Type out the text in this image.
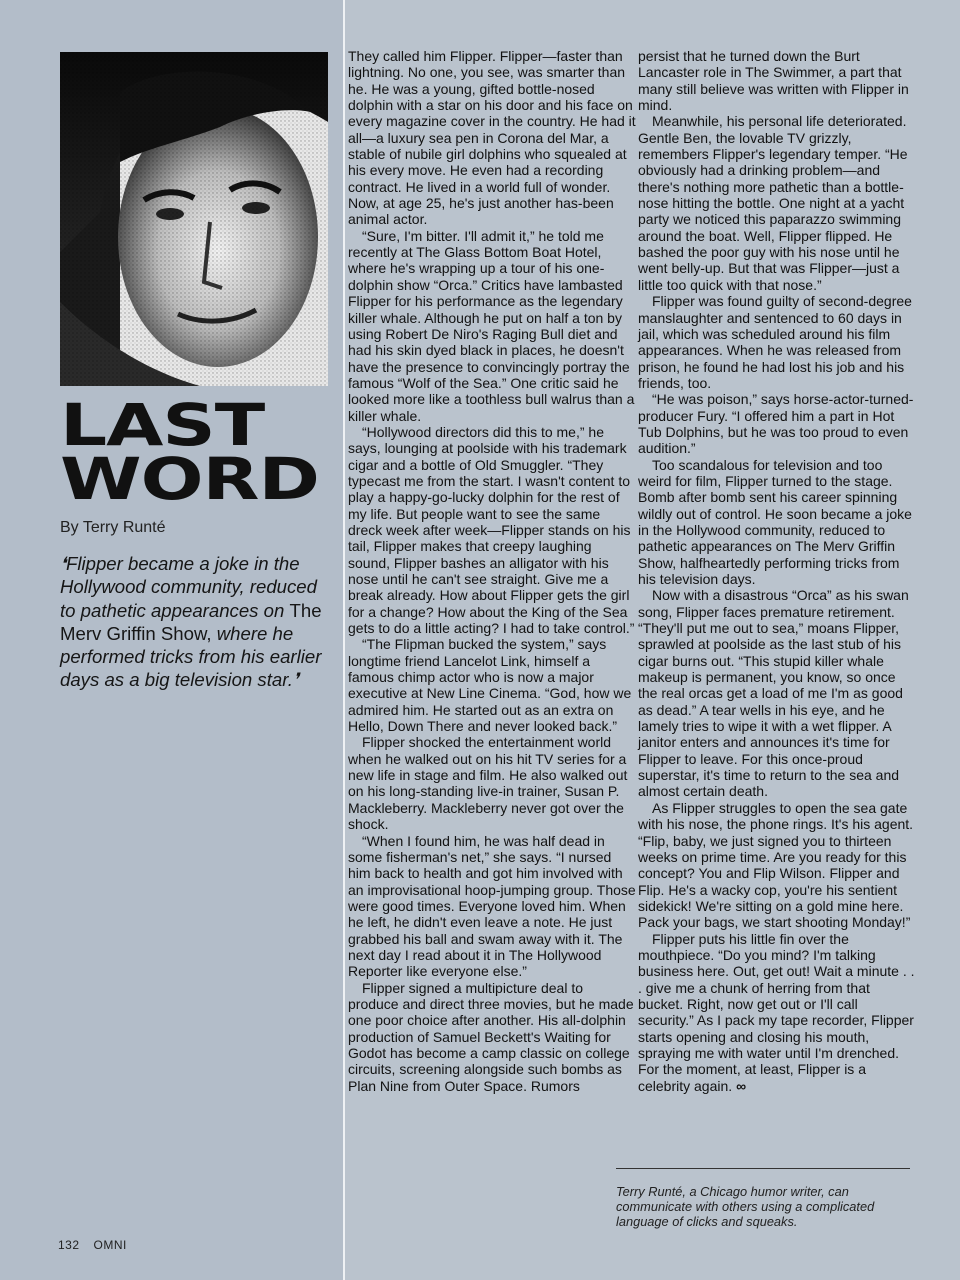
LAST
WORD
By Terry Runté
❛Flipper became a joke in the Hollywood community, reduced to pathetic appearances on The Merv Griffin Show, where he performed tricks from his earlier days as a big television star.❜

They called him Flipper. Flipper—faster than lightning. No one, you see, was smarter than he. He was a young, gifted bottle-nosed dolphin with a star on his door and his face on every magazine cover in the country. He had it all—a luxury sea pen in Corona del Mar, a stable of nubile girl dolphins who squealed at his every move. He even had a recording contract. He lived in a world full of wonder. Now, at age 25, he's just another has-been animal actor.

“Sure, I'm bitter. I'll admit it,” he told me recently at The Glass Bottom Boat Hotel, where he's wrapping up a tour of his one-dolphin show “Orca.” Critics have lambasted Flipper for his performance as the legendary killer whale. Although he put on half a ton by using Robert De Niro's Raging Bull diet and had his skin dyed black in places, he doesn't have the presence to convincingly portray the famous “Wolf of the Sea.” One critic said he looked more like a toothless bull walrus than a killer whale.

“Hollywood directors did this to me,” he says, lounging at poolside with his trademark cigar and a bottle of Old Smuggler. “They typecast me from the start. I wasn't content to play a happy-go-lucky dolphin for the rest of my life. But people want to see the same dreck week after week—Flipper stands on his tail, Flipper makes that creepy laughing sound, Flipper bashes an alligator with his nose until he can't see straight. Give me a break already. How about Flipper gets the girl for a change? How about the King of the Sea gets to do a little acting? I had to take control.”

“The Flipman bucked the system,” says longtime friend Lancelot Link, himself a famous chimp actor who is now a major executive at New Line Cinema. “God, how we admired him. He started out as an extra on Hello, Down There and never looked back.”

Flipper shocked the entertainment world when he walked out on his hit TV series for a new life in stage and film. He also walked out on his long-standing live-in trainer, Susan P. Mackleberry. Mackleberry never got over the shock.

“When I found him, he was half dead in some fisherman's net,” she says. “I nursed him back to health and got him involved with an improvisational hoop-jumping group. Those were good times. Everyone loved him. When he left, he didn't even leave a note. He just grabbed his ball and swam away with it. The next day I read about it in The Hollywood Reporter like everyone else.”

Flipper signed a multipicture deal to produce and direct three movies, but he made one poor choice after another. His all-dolphin production of Samuel Beckett's Waiting for Godot has become a camp classic on college circuits, screening alongside such bombs as Plan Nine from Outer Space. Rumors

persist that he turned down the Burt Lancaster role in The Swimmer, a part that many still believe was written with Flipper in mind.

Meanwhile, his personal life deteriorated. Gentle Ben, the lovable TV grizzly, remembers Flipper's legendary temper. “He obviously had a drinking problem—and there's nothing more pathetic than a bottle-nose hitting the bottle. One night at a yacht party we noticed this paparazzo swimming around the boat. Well, Flipper flipped. He bashed the poor guy with his nose until he went belly-up. But that was Flipper—just a little too quick with that nose.”

Flipper was found guilty of second-degree manslaughter and sentenced to 60 days in jail, which was scheduled around his film appearances. When he was released from prison, he found he had lost his job and his friends, too.

“He was poison,” says horse-actor-turned-producer Fury. “I offered him a part in Hot Tub Dolphins, but he was too proud to even audition.”

Too scandalous for television and too weird for film, Flipper turned to the stage. Bomb after bomb sent his career spinning wildly out of control. He soon became a joke in the Hollywood community, reduced to pathetic appearances on The Merv Griffin Show, halfheartedly performing tricks from his television days.

Now with a disastrous “Orca” as his swan song, Flipper faces premature retirement. “They'll put me out to sea,” moans Flipper, sprawled at poolside as the last stub of his cigar burns out. “This stupid killer whale makeup is permanent, you know, so once the real orcas get a load of me I'm as good as dead.” A tear wells in his eye, and he lamely tries to wipe it with a wet flipper. A janitor enters and announces it's time for Flipper to leave. For this once-proud superstar, it's time to return to the sea and almost certain death.

As Flipper struggles to open the sea gate with his nose, the phone rings. It's his agent. “Flip, baby, we just signed you to thirteen weeks on prime time. Are you ready for this concept? You and Flip Wilson. Flipper and Flip. He's a wacky cop, you're his sentient sidekick! We're sitting on a gold mine here. Pack your bags, we start shooting Monday!”

Flipper puts his little fin over the mouthpiece. “Do you mind? I'm talking business here. Out, get out! Wait a minute . . . give me a chunk of herring from that bucket. Right, now get out or I'll call security.” As I pack my tape recorder, Flipper starts opening and closing his mouth, spraying me with water until I'm drenched. For the moment, at least, Flipper is a celebrity again. ∞

Terry Runté, a Chicago humor writer, can communicate with others using a complicated language of clicks and squeaks.
132 OMNI
